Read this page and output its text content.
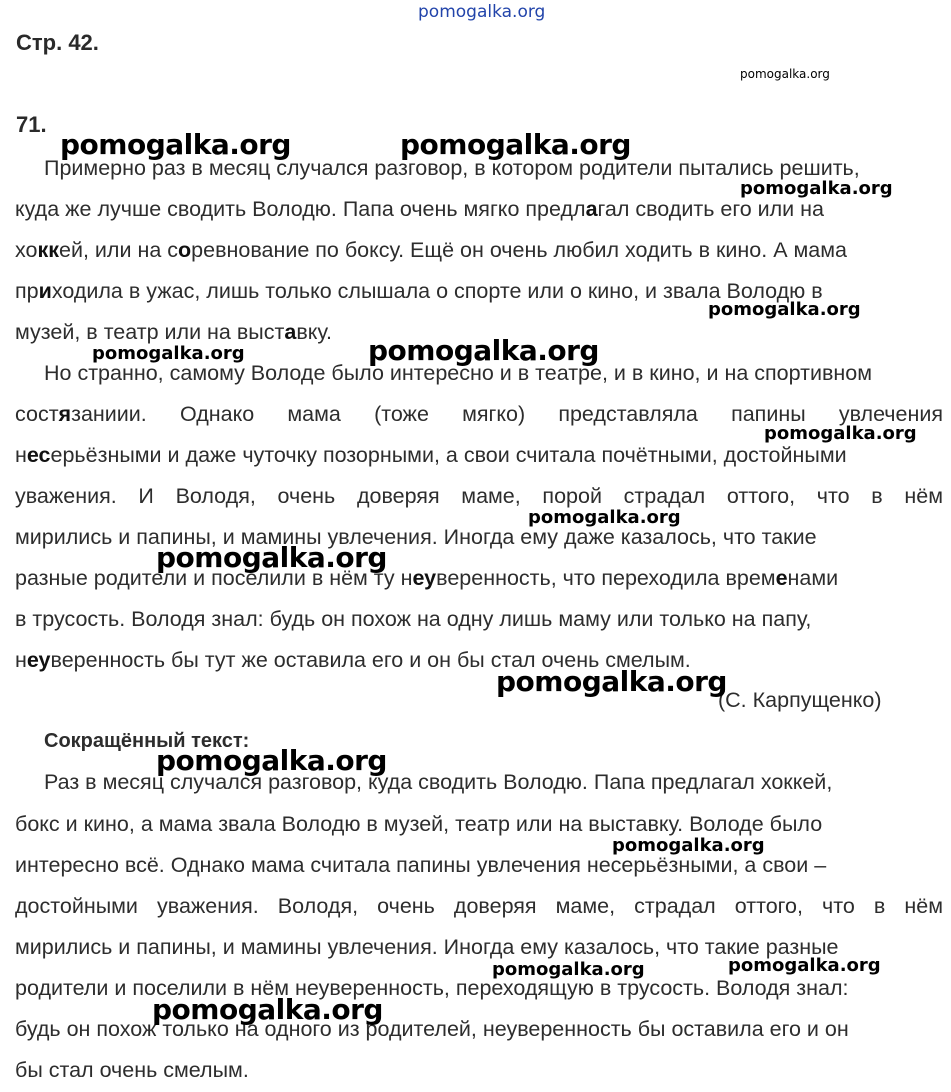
pomogalka.org
Стр. 42.
pomogalka.org
71.
Примерно раз в месяц случался разговор, в котором родители пытались решить,
куда же лучше сводить Володю. Папа очень мягко предлагал сводить его или на
хоккей, или на соревнование по боксу. Ещё он очень любил ходить в кино. А мама
приходила в ужас, лишь только слышала о спорте или о кино, и звала Володю в
музей, в театр или на выставку.
Но странно, самому Володе было интересно и в театре, и в кино, и на спортивном
состязаниии. Однако мама (тоже мягко) представляла папины увлечения
несерьёзными и даже чуточку позорными, а свои считала почётными, достойными
уважения. И Володя, очень доверяя маме, порой страдал оттого, что в нём
мирились и папины, и мамины увлечения. Иногда ему даже казалось, что такие
разные родители и поселили в нём ту неуверенность, что переходила временами
в трусость. Володя знал: будь он похож на одну лишь маму или только на папу,
неуверенность бы тут же оставила его и он бы стал очень смелым.
(С. Карпущенко)
Сокращённый текст:
Раз в месяц случался разговор, куда сводить Володю. Папа предлагал хоккей,
бокс и кино, а мама звала Володю в музей, театр или на выставку. Володе было
интересно всё. Однако мама считала папины увлечения несерьёзными, а свои –
достойными уважения. Володя, очень доверяя маме, страдал оттого, что в нём
мирились и папины, и мамины увлечения. Иногда ему казалось, что такие разные
родители и поселили в нём неуверенность, переходящую в трусость. Володя знал:
будь он похож только на одного из родителей, неуверенность бы оставила его и он
бы стал очень смелым.
pomogalka.org	pomogalka.org
pomogalka.org
pomogalka.org
pomogalka.org	pomogalka.org
pomogalka.org
pomogalka.org
pomogalka.org
pomogalka.org
pomogalka.org
pomogalka.org
pomogalka.org	pomogalka.org
pomogalka.org
